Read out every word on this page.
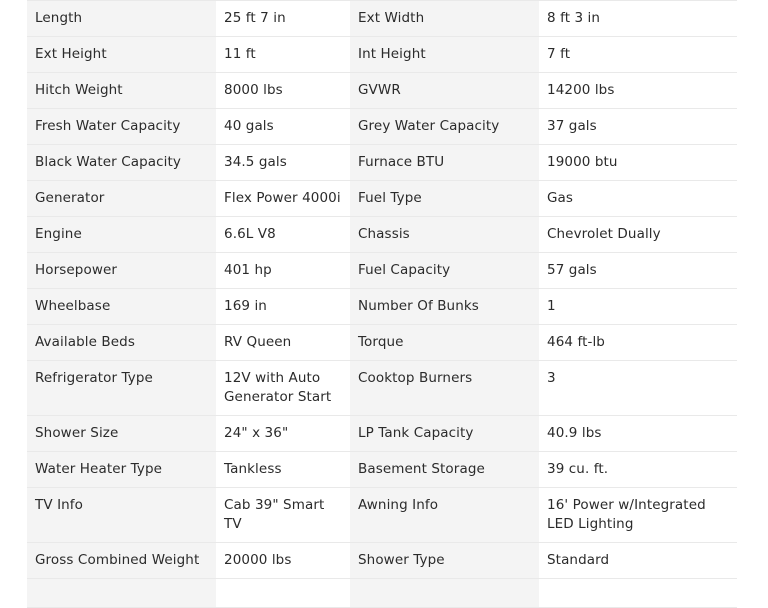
Length	25 ft 7 in	Ext Width	8 ft 3 in
Ext Height	11 ft	Int Height	7 ft
Hitch Weight	8000 lbs	GVWR	14200 lbs
Fresh Water Capacity	40 gals	Grey Water Capacity	37 gals
Black Water Capacity	34.5 gals	Furnace BTU	19000 btu
Generator	Flex Power 4000i	Fuel Type	Gas
Engine	6.6L V8	Chassis	Chevrolet Dually
Horsepower	401 hp	Fuel Capacity	57 gals
Wheelbase	169 in	Number Of Bunks	1
Available Beds	RV Queen	Torque	464 ft-lb
Refrigerator Type	12V with Auto Generator Start	Cooktop Burners	3
Shower Size	24" x 36"	LP Tank Capacity	40.9 lbs
Water Heater Type	Tankless	Basement Storage	39 cu. ft.
TV Info	Cab 39" Smart TV	Awning Info	16' Power w/Integrated LED Lighting
Gross Combined Weight	20000 lbs	Shower Type	Standard
